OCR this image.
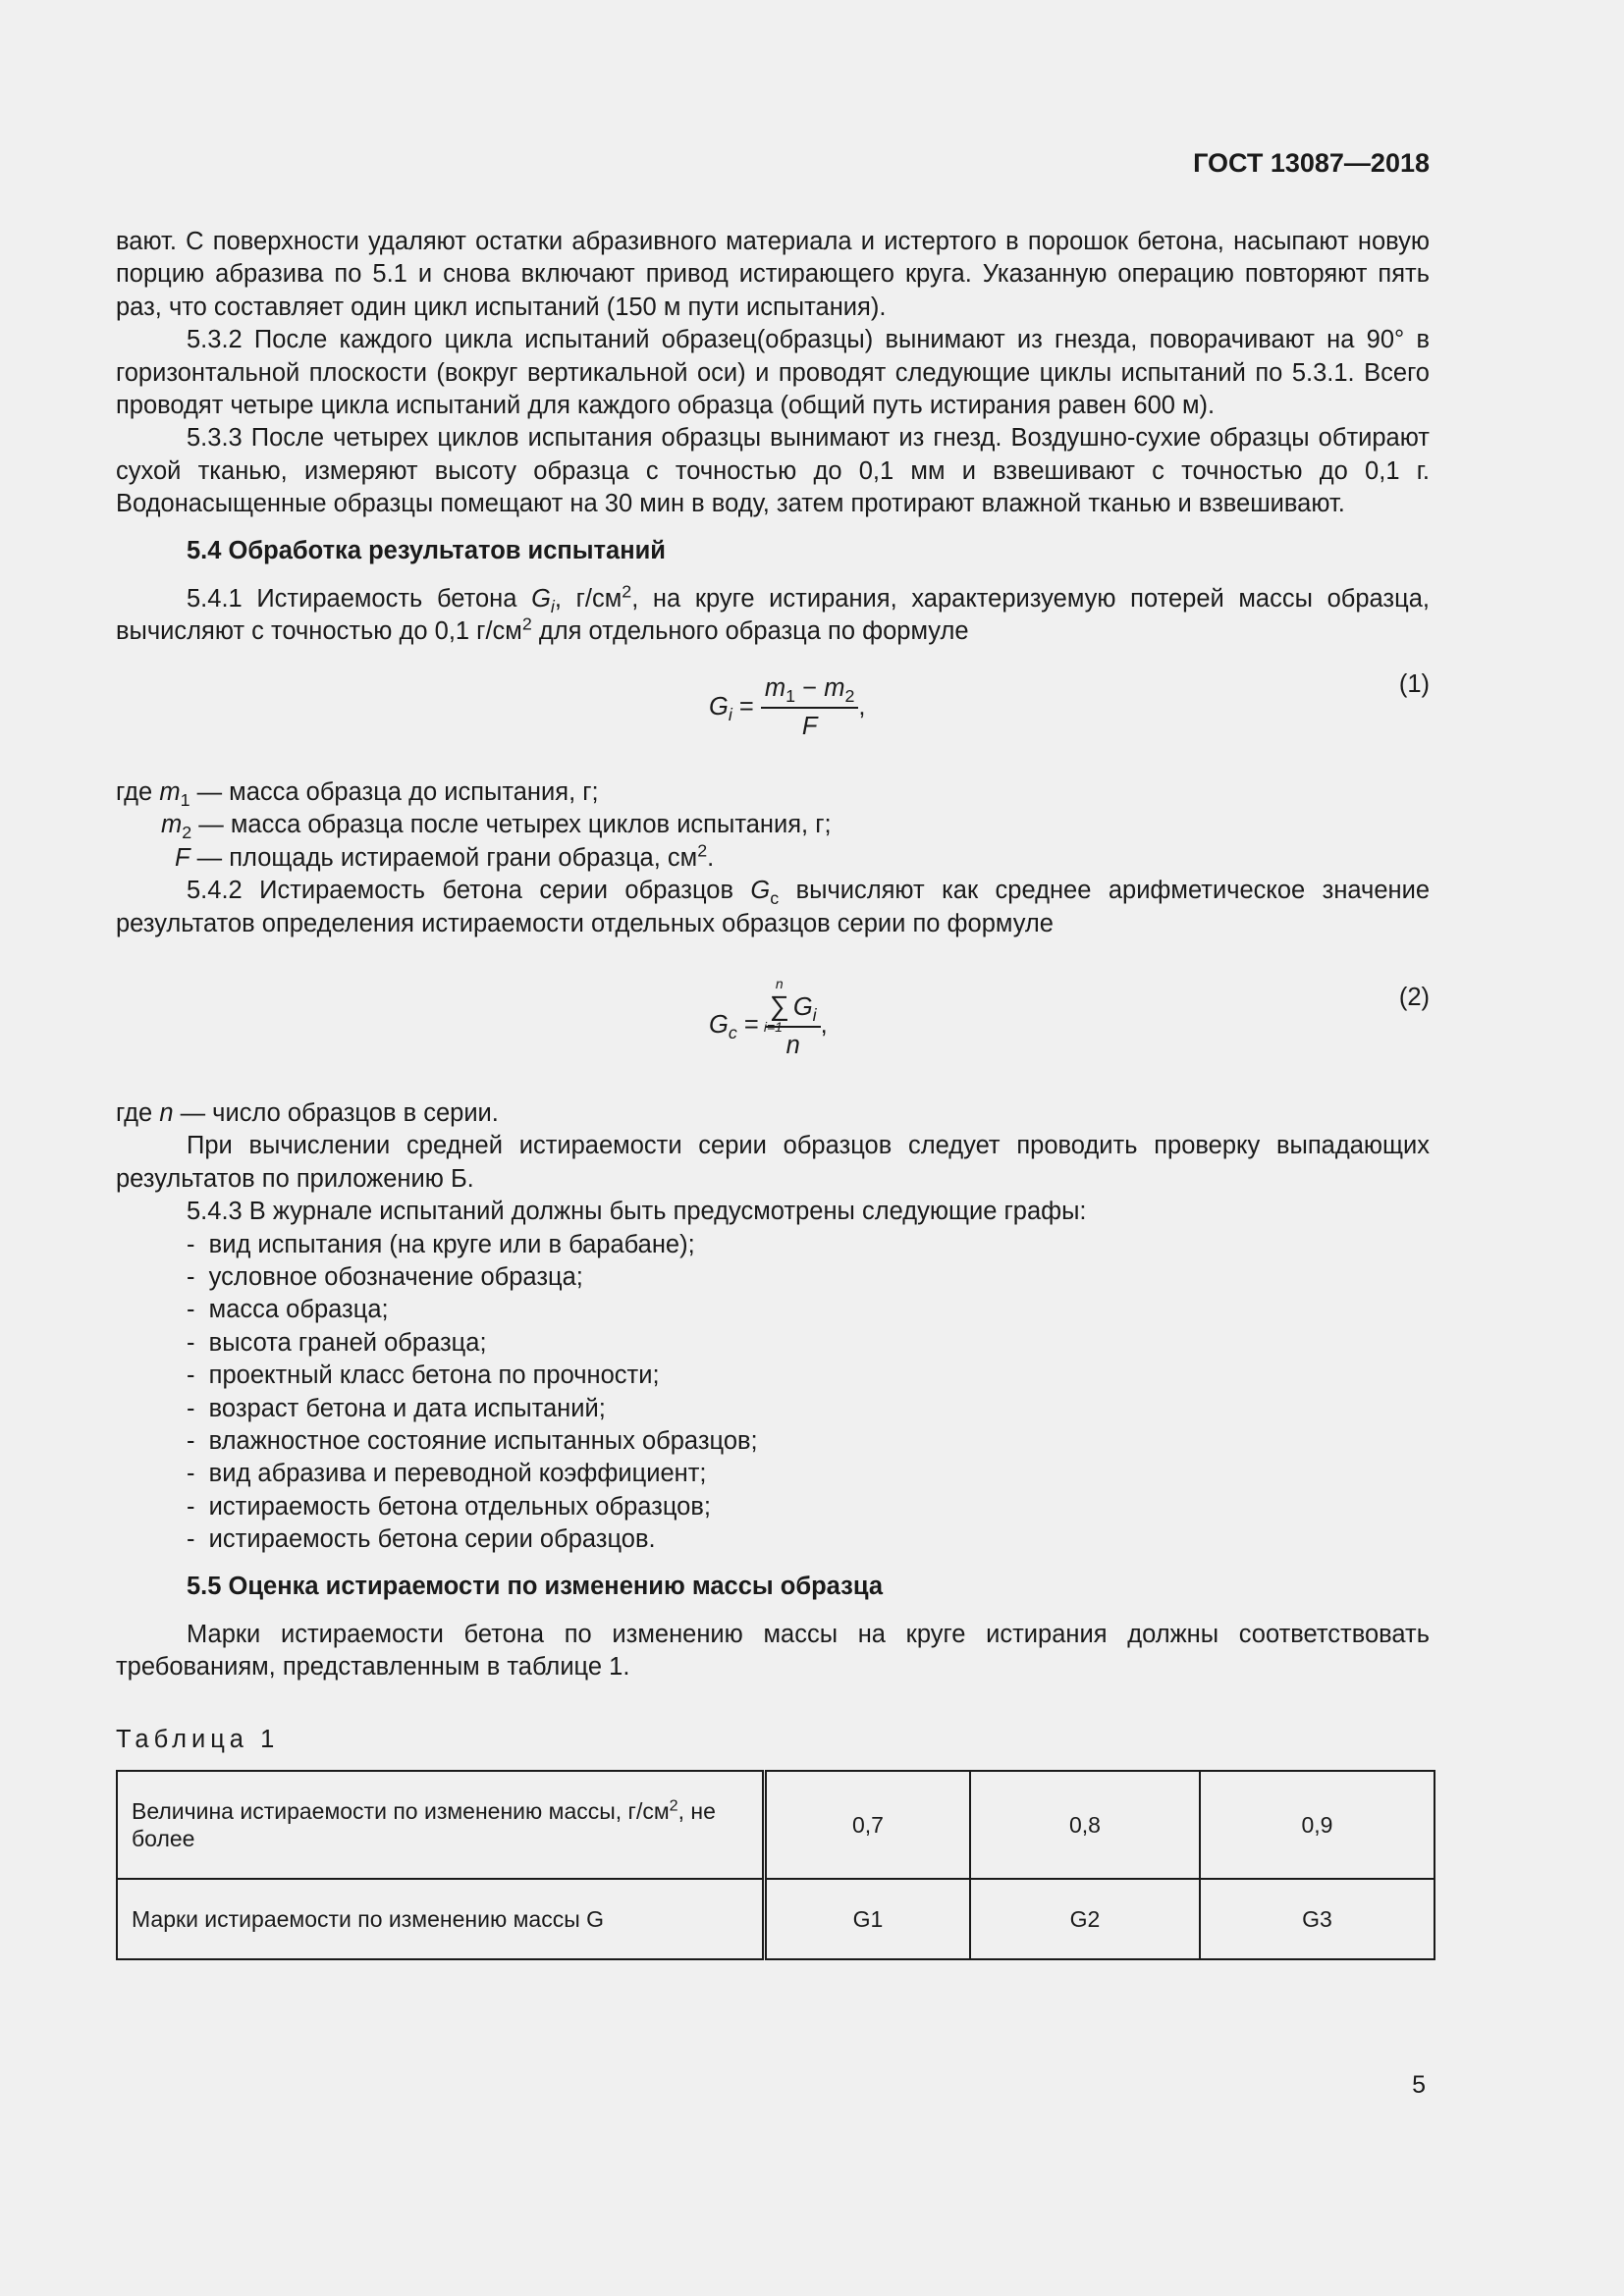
ГОСТ 13087—2018

вают. С поверхности удаляют остатки абразивного материала и истертого в порошок бетона, насыпают новую порцию абразива по 5.1 и снова включают привод истирающего круга. Указанную операцию повторяют пять раз, что составляет один цикл испытаний (150 м пути испытания).

5.3.2 После каждого цикла испытаний образец(образцы) вынимают из гнезда, поворачивают на 90° в горизонтальной плоскости (вокруг вертикальной оси) и проводят следующие циклы испытаний по 5.3.1. Всего проводят четыре цикла испытаний для каждого образца (общий путь истирания равен 600 м).

5.3.3 После четырех циклов испытания образцы вынимают из гнезд. Воздушно-сухие образцы обтирают сухой тканью, измеряют высоту образца с точностью до 0,1 мм и взвешивают с точностью до 0,1 г. Водонасыщенные образцы помещают на 30 мин в воду, затем протирают влажной тканью и взвешивают.

5.4 Обработка результатов испытаний

5.4.1 Истираемость бетона $G_i$, $г/см^2$, на круге истирания, характеризуемую потерей массы образца, вычисляют с точностью до 0,1 $г/см^2$ для отдельного образца по формуле

$G_i = \frac{m_1 - m_2}{F}$ ,
(1)
где $m_1$ — масса образца до испытания, г;
$m_2$ — масса образца после четырех циклов испытания, г;
F — площадь истираемой грани образца, $см^2$.

5.4.2 Истираемость бетона серии образцов $G_c$ вычисляют как среднее арифметическое значение результатов определения истираемости отдельных образцов серии по формуле

$G_c = n$
∑
i=1
$G_i$
n ,
(2)

где n — число образцов в серии.

При вычислении средней истираемости серии образцов следует проводить проверку выпадающих результатов по приложению Б.

5.4.3 В журнале испытаний должны быть предусмотрены следующие графы:

-  вид испытания (на круге или в барабане);
-  условное обозначение образца;
-  масса образца;
-  высота граней образца;
-  проектный класс бетона по прочности;
-  возраст бетона и дата испытаний;
-  влажностное состояние испытанных образцов;
-  вид абразива и переводной коэффициент;
-  истираемость бетона отдельных образцов;
-  истираемость бетона серии образцов.

5.5 Оценка истираемости по изменению массы образца

Марки истираемости бетона по изменению массы на круге истирания должны соответствовать требованиям, представленным в таблице 1.

Таблица 1
Величина истираемости по изменению массы, $г/см^2$, не более	0,7	0,8	0,9
Марки истираемости по изменению массы G	G1	G2	G3
5
